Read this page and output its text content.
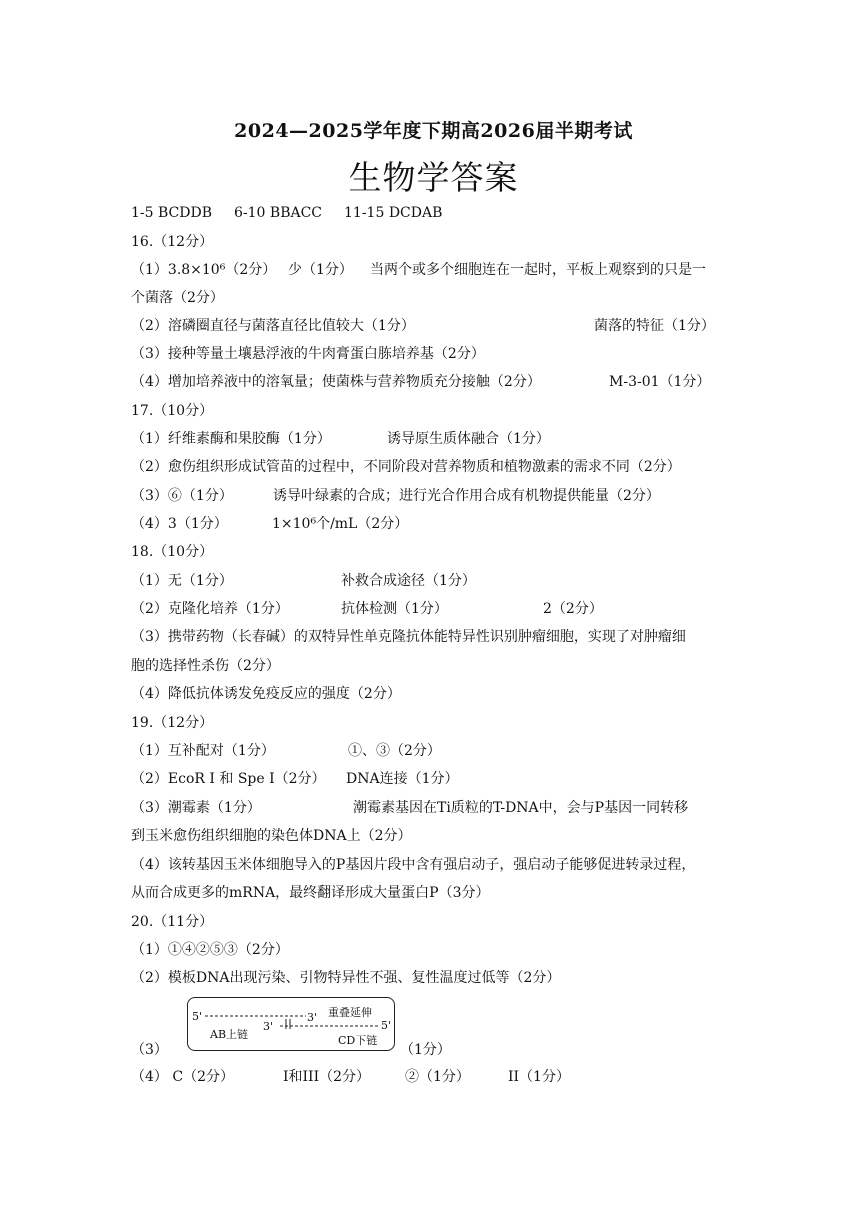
2024—2025学年度下期高2026届半期考试
生物学答案
1-5 BCDDB 6-10 BBACC 11-15 DCDAB
16.（12分）
（1）3.8×10⁶（2分） 少（1分） 当两个或多个细胞连在一起时，平板上观察到的只是一
个菌落（2分）
（2）溶磷圈直径与菌落直径比值较大（1分）	菌落的特征（1分）
（3）接种等量土壤悬浮液的牛肉膏蛋白胨培养基（2分）
（4）增加培养液中的溶氧量；使菌株与营养物质充分接触（2分）	M-3-01（1分）
17.（10分）
（1）纤维素酶和果胶酶（1分）	诱导原生质体融合（1分）
（2）愈伤组织形成试管苗的过程中，不同阶段对营养物质和植物激素的需求不同（2分）
（3）⑥（1分）	诱导叶绿素的合成；进行光合作用合成有机物提供能量（2分）
（4）3（1分）	1×10⁶个/mL（2分）
18.（10分）
（1）无（1分）	补救合成途径（1分）
（2）克隆化培养（1分）	抗体检测（1分）	2（2分）
（3）携带药物（长春碱）的双特异性单克隆抗体能特异性识别肿瘤细胞，实现了对肿瘤细
胞的选择性杀伤（2分）
（4）降低抗体诱发免疫反应的强度（2分）
19.（12分）
（1）互补配对（1分）	①、③（2分）
（2）EcoR I 和 Spe I（2分） DNA连接（1分）
（3）潮霉素（1分）	潮霉素基因在Ti质粒的T-DNA中，会与P基因一同转移
到玉米愈伤组织细胞的染色体DNA上（2分）
（4）该转基因玉米体细胞导入的P基因片段中含有强启动子，强启动子能够促进转录过程，
从而合成更多的mRNA，最终翻译形成大量蛋白P（3分）
20.（11分）
（1）①④②⑤③（2分）
（2）模板DNA出现污染、引物特异性不强、复性温度过低等（2分）
5'	3' 重叠延伸
3'	5'
AB上链	CD下链
（3）	（1分）
（4） C（2分）	I和III（2分） ②（1分）	II（1分）
